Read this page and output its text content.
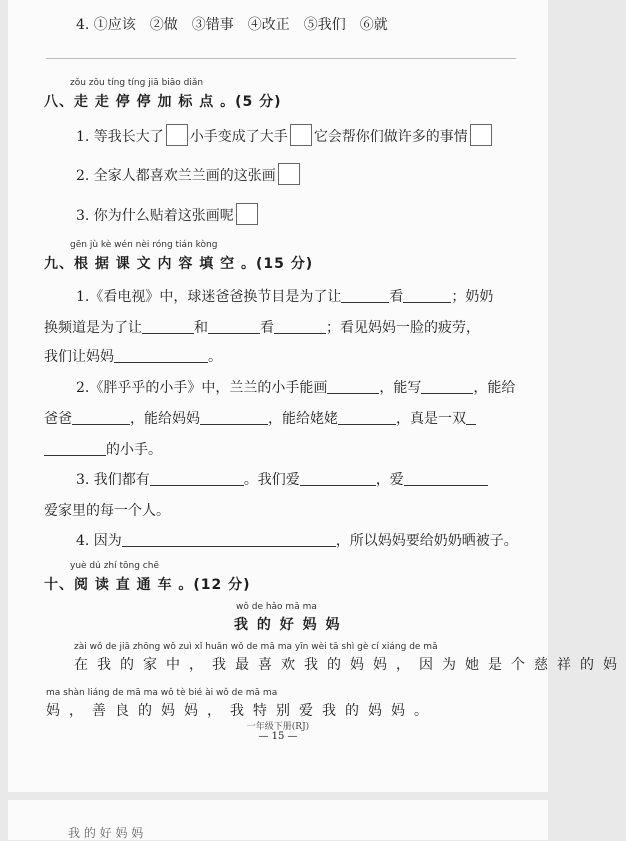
4. ①应该　②做　③错事　④改正　⑤我们　⑥就
zǒu zǒu tíng tíng jiā biāo diǎn
八、走 走 停 停 加 标 点 。(5 分)
1. 等我长大了 小手变成了大手 它会帮你们做许多的事情
2. 全家人都喜欢兰兰画的这张画
3. 你为什么贴着这张画呢
gēn jù kè wén nèi róng tián kòng
九、根 据 课 文 内 容 填 空 。(15 分)
1.《看电视》中，球迷爸爸换节目是为了让	看	；奶奶
换频道是为了让	和	看	；看见妈妈一脸的疲劳，
我们让妈妈	。
2.《胖乎乎的小手》中，兰兰的小手能画	，能写	，能给
爸爸	，能给妈妈	，能给姥姥	，真是一双
的小手。
3. 我们都有	。我们爱	，爱
爱家里的每一个人。
4. 因为	，所以妈妈要给奶奶晒被子。
yuè dú zhí tōng chē
十、阅 读 直 通 车 。(12 分)
wǒ de hǎo mā ma
我 的 好 妈 妈
zài wǒ de jiā zhōng wǒ zuì xǐ huān wǒ de mā ma yīn wèi tā shì gè cí xiáng de mā
在我的家中，我最喜欢我的妈妈，因为她是个慈祥的妈
ma shàn liáng de mā ma wǒ tè bié ài wǒ de mā ma
妈，善良的妈妈，我特别爱我的妈妈。
一年级下册(RJ)
— 15 —
我 的 好 妈 妈
